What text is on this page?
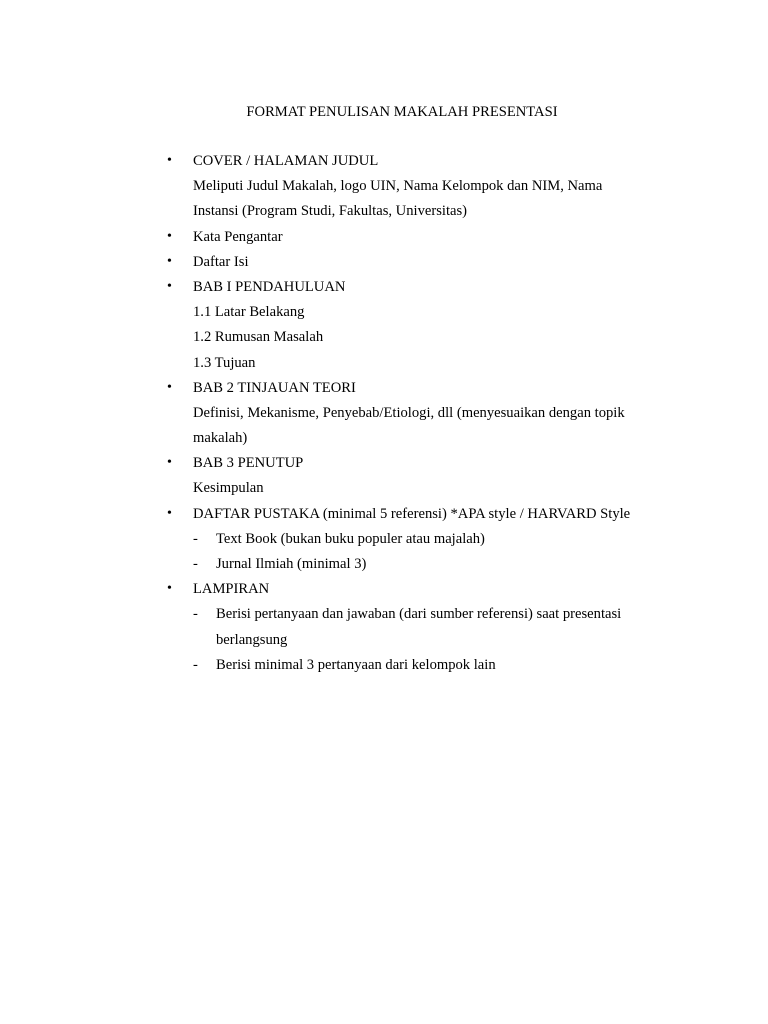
FORMAT PENULISAN MAKALAH PRESENTASI
•	COVER / HALAMAN JUDUL
Meliputi Judul Makalah, logo UIN, Nama Kelompok dan NIM, Nama
Instansi (Program Studi, Fakultas, Universitas)
•	Kata Pengantar
•	Daftar Isi
•	BAB I PENDAHULUAN
1.1 Latar Belakang
1.2 Rumusan Masalah
1.3 Tujuan
•	BAB 2 TINJAUAN TEORI
Definisi, Mekanisme, Penyebab/Etiologi, dll (menyesuaikan dengan topik
makalah)
•	BAB 3 PENUTUP
Kesimpulan
•	DAFTAR PUSTAKA (minimal 5 referensi) *APA style / HARVARD Style
- Text Book (bukan buku populer atau majalah)
- Jurnal Ilmiah (minimal 3)
•	LAMPIRAN
- Berisi pertanyaan dan jawaban (dari sumber referensi) saat presentasi
berlangsung
- Berisi minimal 3 pertanyaan dari kelompok lain
